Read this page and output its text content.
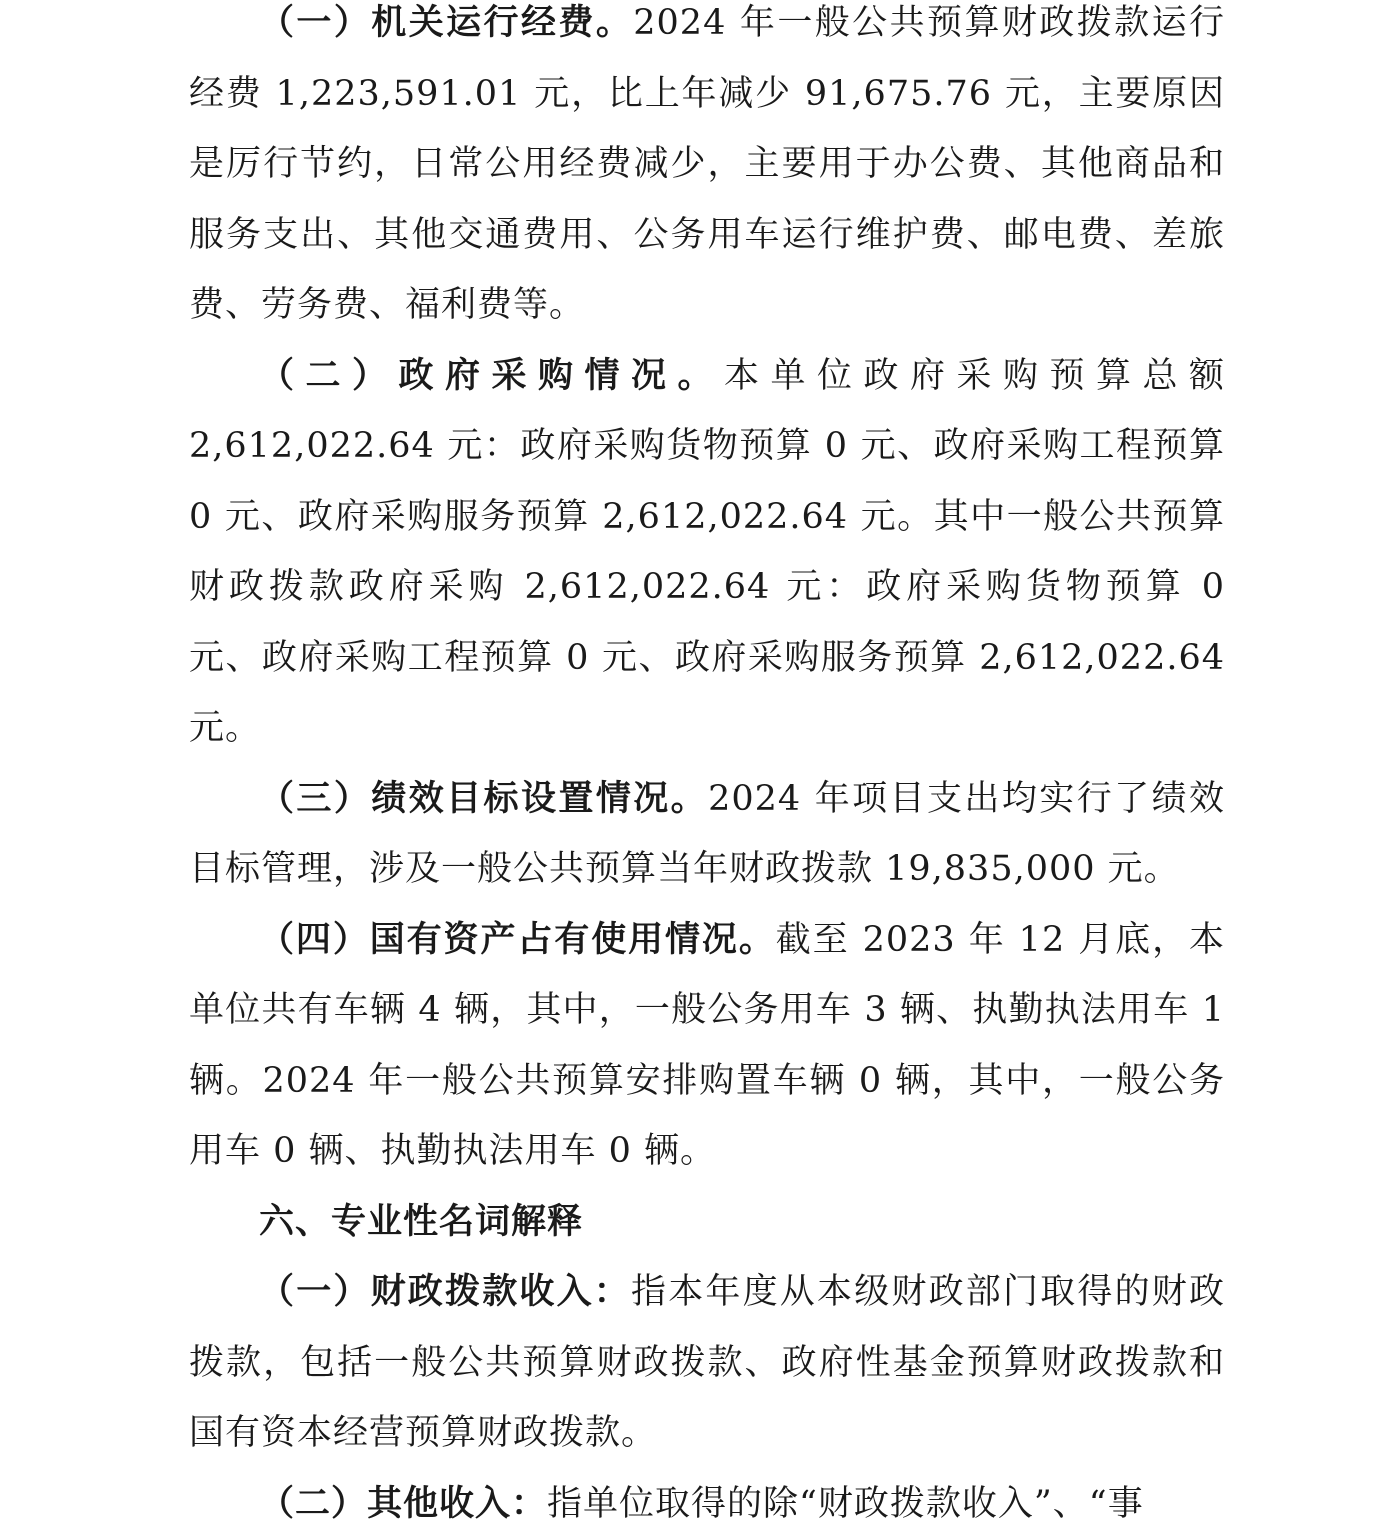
（一）机关运行经费。2024 年一般公共预算财政拨款运行经费 1,223,591.01 元，比上年减少 91,675.76 元，主要原因是厉行节约，日常公用经费减少，主要用于办公费、其他商品和服务支出、其他交通费用、公务用车运行维护费、邮电费、差旅费、劳务费、福利费等。

（二）政府采购情况。本单位政府采购预算总额 2,612,022.64 元：政府采购货物预算 0 元、政府采购工程预算 0 元、政府采购服务预算 2,612,022.64 元。其中一般公共预算财政拨款政府采购 2,612,022.64 元：政府采购货物预算 0 元、政府采购工程预算 0 元、政府采购服务预算 2,612,022.64 元。

（三）绩效目标设置情况。2024 年项目支出均实行了绩效目标管理，涉及一般公共预算当年财政拨款 19,835,000 元。

（四）国有资产占有使用情况。截至 2023 年 12 月底，本单位共有车辆 4 辆，其中，一般公务用车 3 辆、执勤执法用车 1 辆。2024 年一般公共预算安排购置车辆 0 辆，其中，一般公务用车 0 辆、执勤执法用车 0 辆。

六、专业性名词解释

（一）财政拨款收入：指本年度从本级财政部门取得的财政拨款，包括一般公共预算财政拨款、政府性基金预算财政拨款和国有资本经营预算财政拨款。

（二）其他收入：指单位取得的除“财政拨款收入”、“事
